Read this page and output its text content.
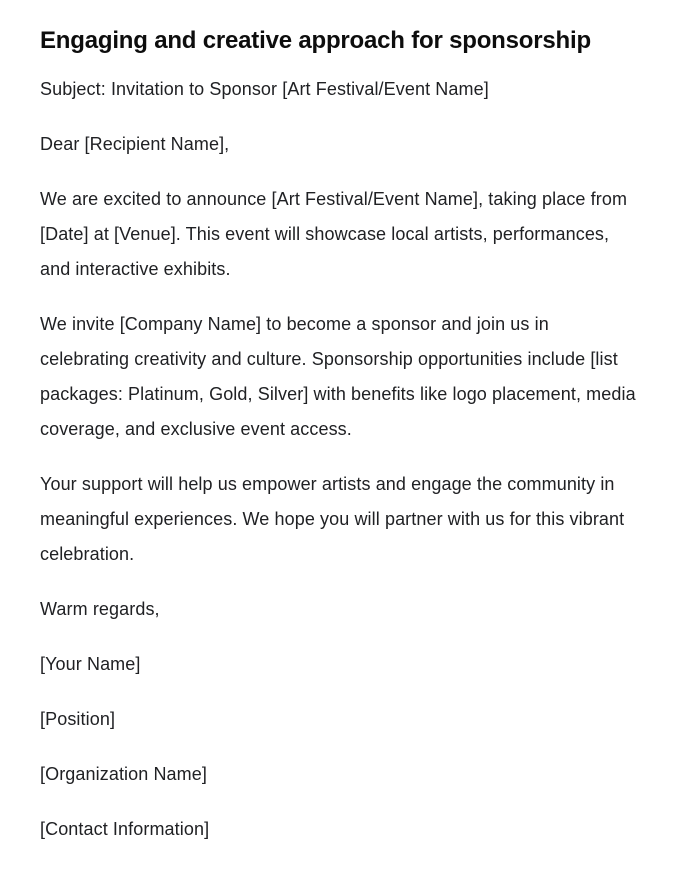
Engaging and creative approach for sponsorship

Subject: Invitation to Sponsor [Art Festival/Event Name]

Dear [Recipient Name],

We are excited to announce [Art Festival/Event Name], taking place from [Date] at [Venue]. This event will showcase local artists, performances, and interactive exhibits.

We invite [Company Name] to become a sponsor and join us in celebrating creativity and culture. Sponsorship opportunities include [list packages: Platinum, Gold, Silver] with benefits like logo placement, media coverage, and exclusive event access.

Your support will help us empower artists and engage the community in meaningful experiences. We hope you will partner with us for this vibrant celebration.

Warm regards,

[Your Name]

[Position]

[Organization Name]

[Contact Information]
